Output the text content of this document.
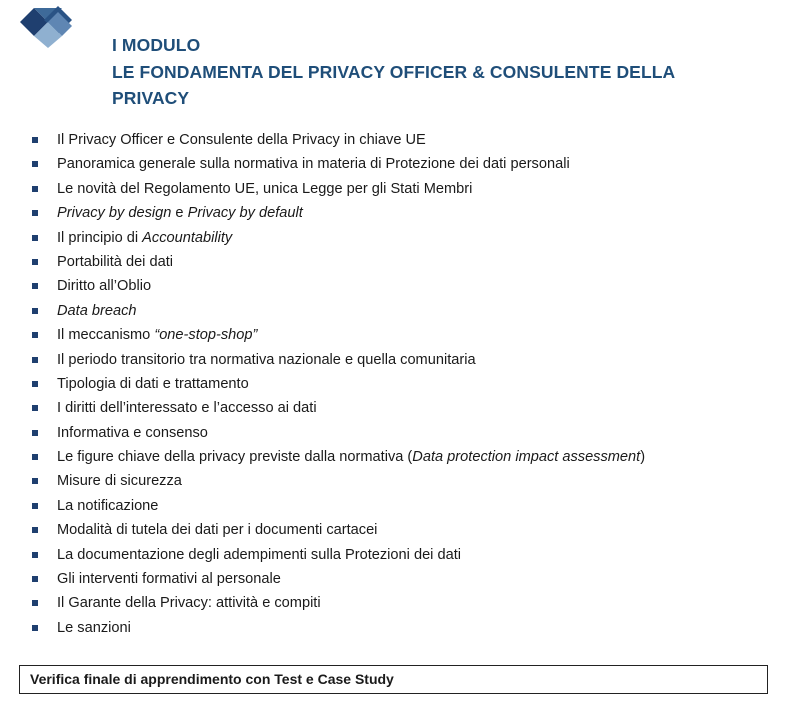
I MODULO
LE FONDAMENTA DEL PRIVACY OFFICER & CONSULENTE DELLA
PRIVACY
Il Privacy Officer e Consulente della Privacy in chiave UE
Panoramica generale sulla normativa in materia di Protezione dei dati personali
Le novità del Regolamento UE, unica Legge per gli Stati Membri
Privacy by design e Privacy by default
Il principio di Accountability
Portabilità dei dati
Diritto all’Oblio
Data breach
Il meccanismo “one-stop-shop”
Il periodo transitorio tra normativa nazionale e quella comunitaria
Tipologia di dati e trattamento
I diritti dell’interessato e l’accesso ai dati
Informativa e consenso
Le figure chiave della privacy previste dalla normativa (Data protection impact assessment)
Misure di sicurezza
La notificazione
Modalità di tutela dei dati per i documenti cartacei
La documentazione degli adempimenti sulla Protezioni dei dati
Gli interventi formativi al personale
Il Garante della Privacy: attività e compiti
Le sanzioni
Verifica finale di apprendimento con Test e Case Study
